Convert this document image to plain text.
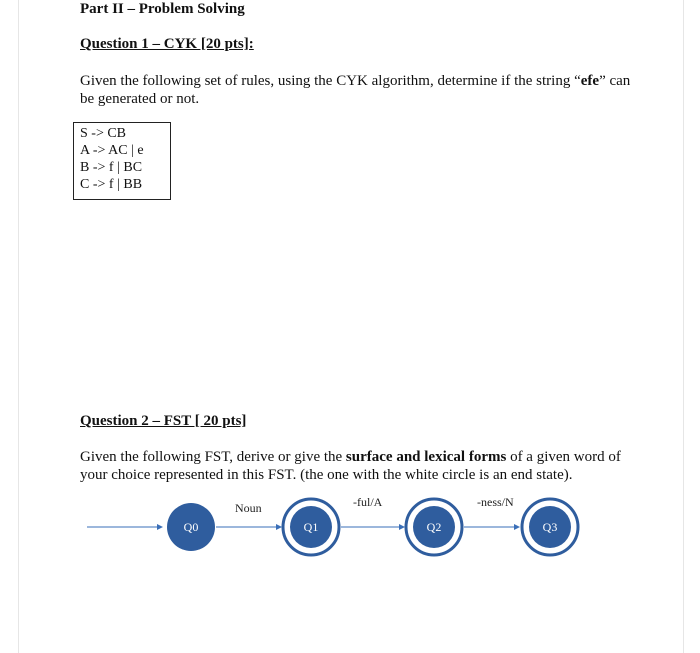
Part II – Problem Solving
Question 1 – CYK [20 pts]:
Given the following set of rules, using the CYK algorithm, determine if the string “efe” can be generated or not.
S -> CB
A -> AC | e
B -> f | BC
C -> f | BB
Question 2 – FST [ 20 pts]
Given the following FST, derive or give the surface and lexical forms of a given word of your choice represented in this FST. (the one with the white circle is an end state).
Noun	-ful/A	-ness/N
Q0	Q1	Q2	Q3
